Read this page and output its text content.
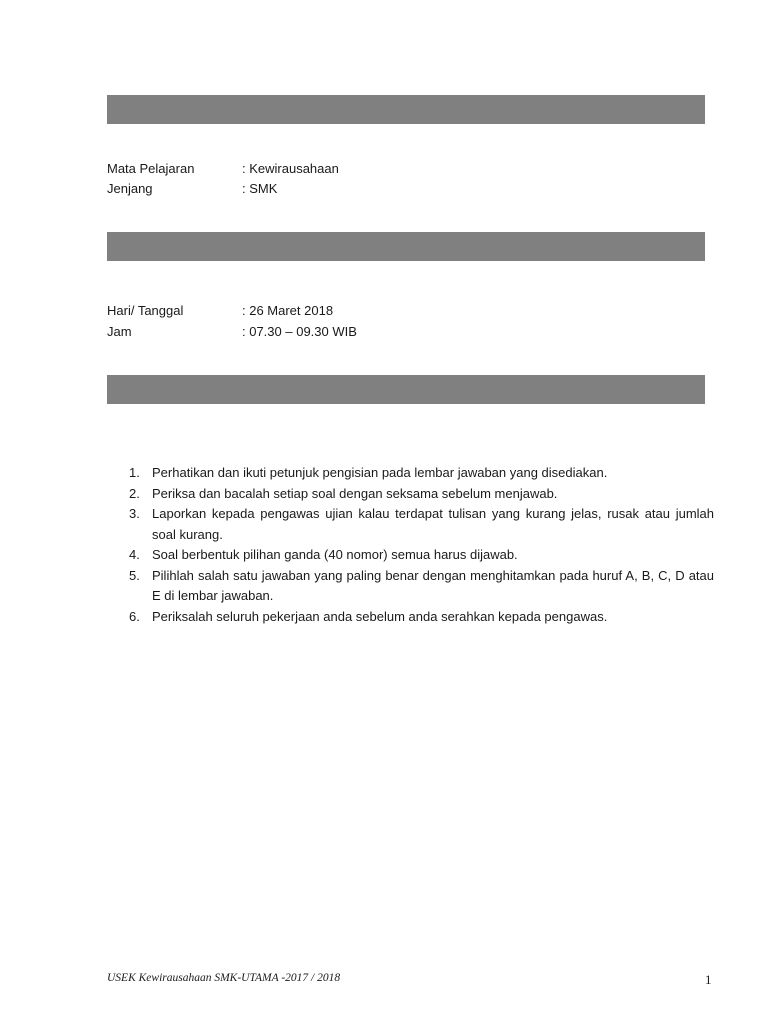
Mata Pelajaran	: Kewirausahaan
Jenjang	: SMK
Hari/ Tanggal	: 26 Maret 2018
Jam	: 07.30 – 09.30 WIB
1. Perhatikan dan ikuti petunjuk pengisian pada lembar jawaban yang disediakan.
2. Periksa dan bacalah setiap soal dengan seksama sebelum menjawab.
3. Laporkan kepada pengawas ujian kalau terdapat tulisan yang kurang jelas, rusak atau jumlah soal kurang.
4. Soal berbentuk pilihan ganda (40 nomor) semua harus dijawab.
5. Pilihlah salah satu jawaban yang paling benar dengan menghitamkan pada huruf A, B, C, D atau E di lembar jawaban.
6. Periksalah seluruh pekerjaan anda sebelum anda serahkan kepada pengawas.
USEK Kewirausahaan SMK-UTAMA -2017 / 2018	1
